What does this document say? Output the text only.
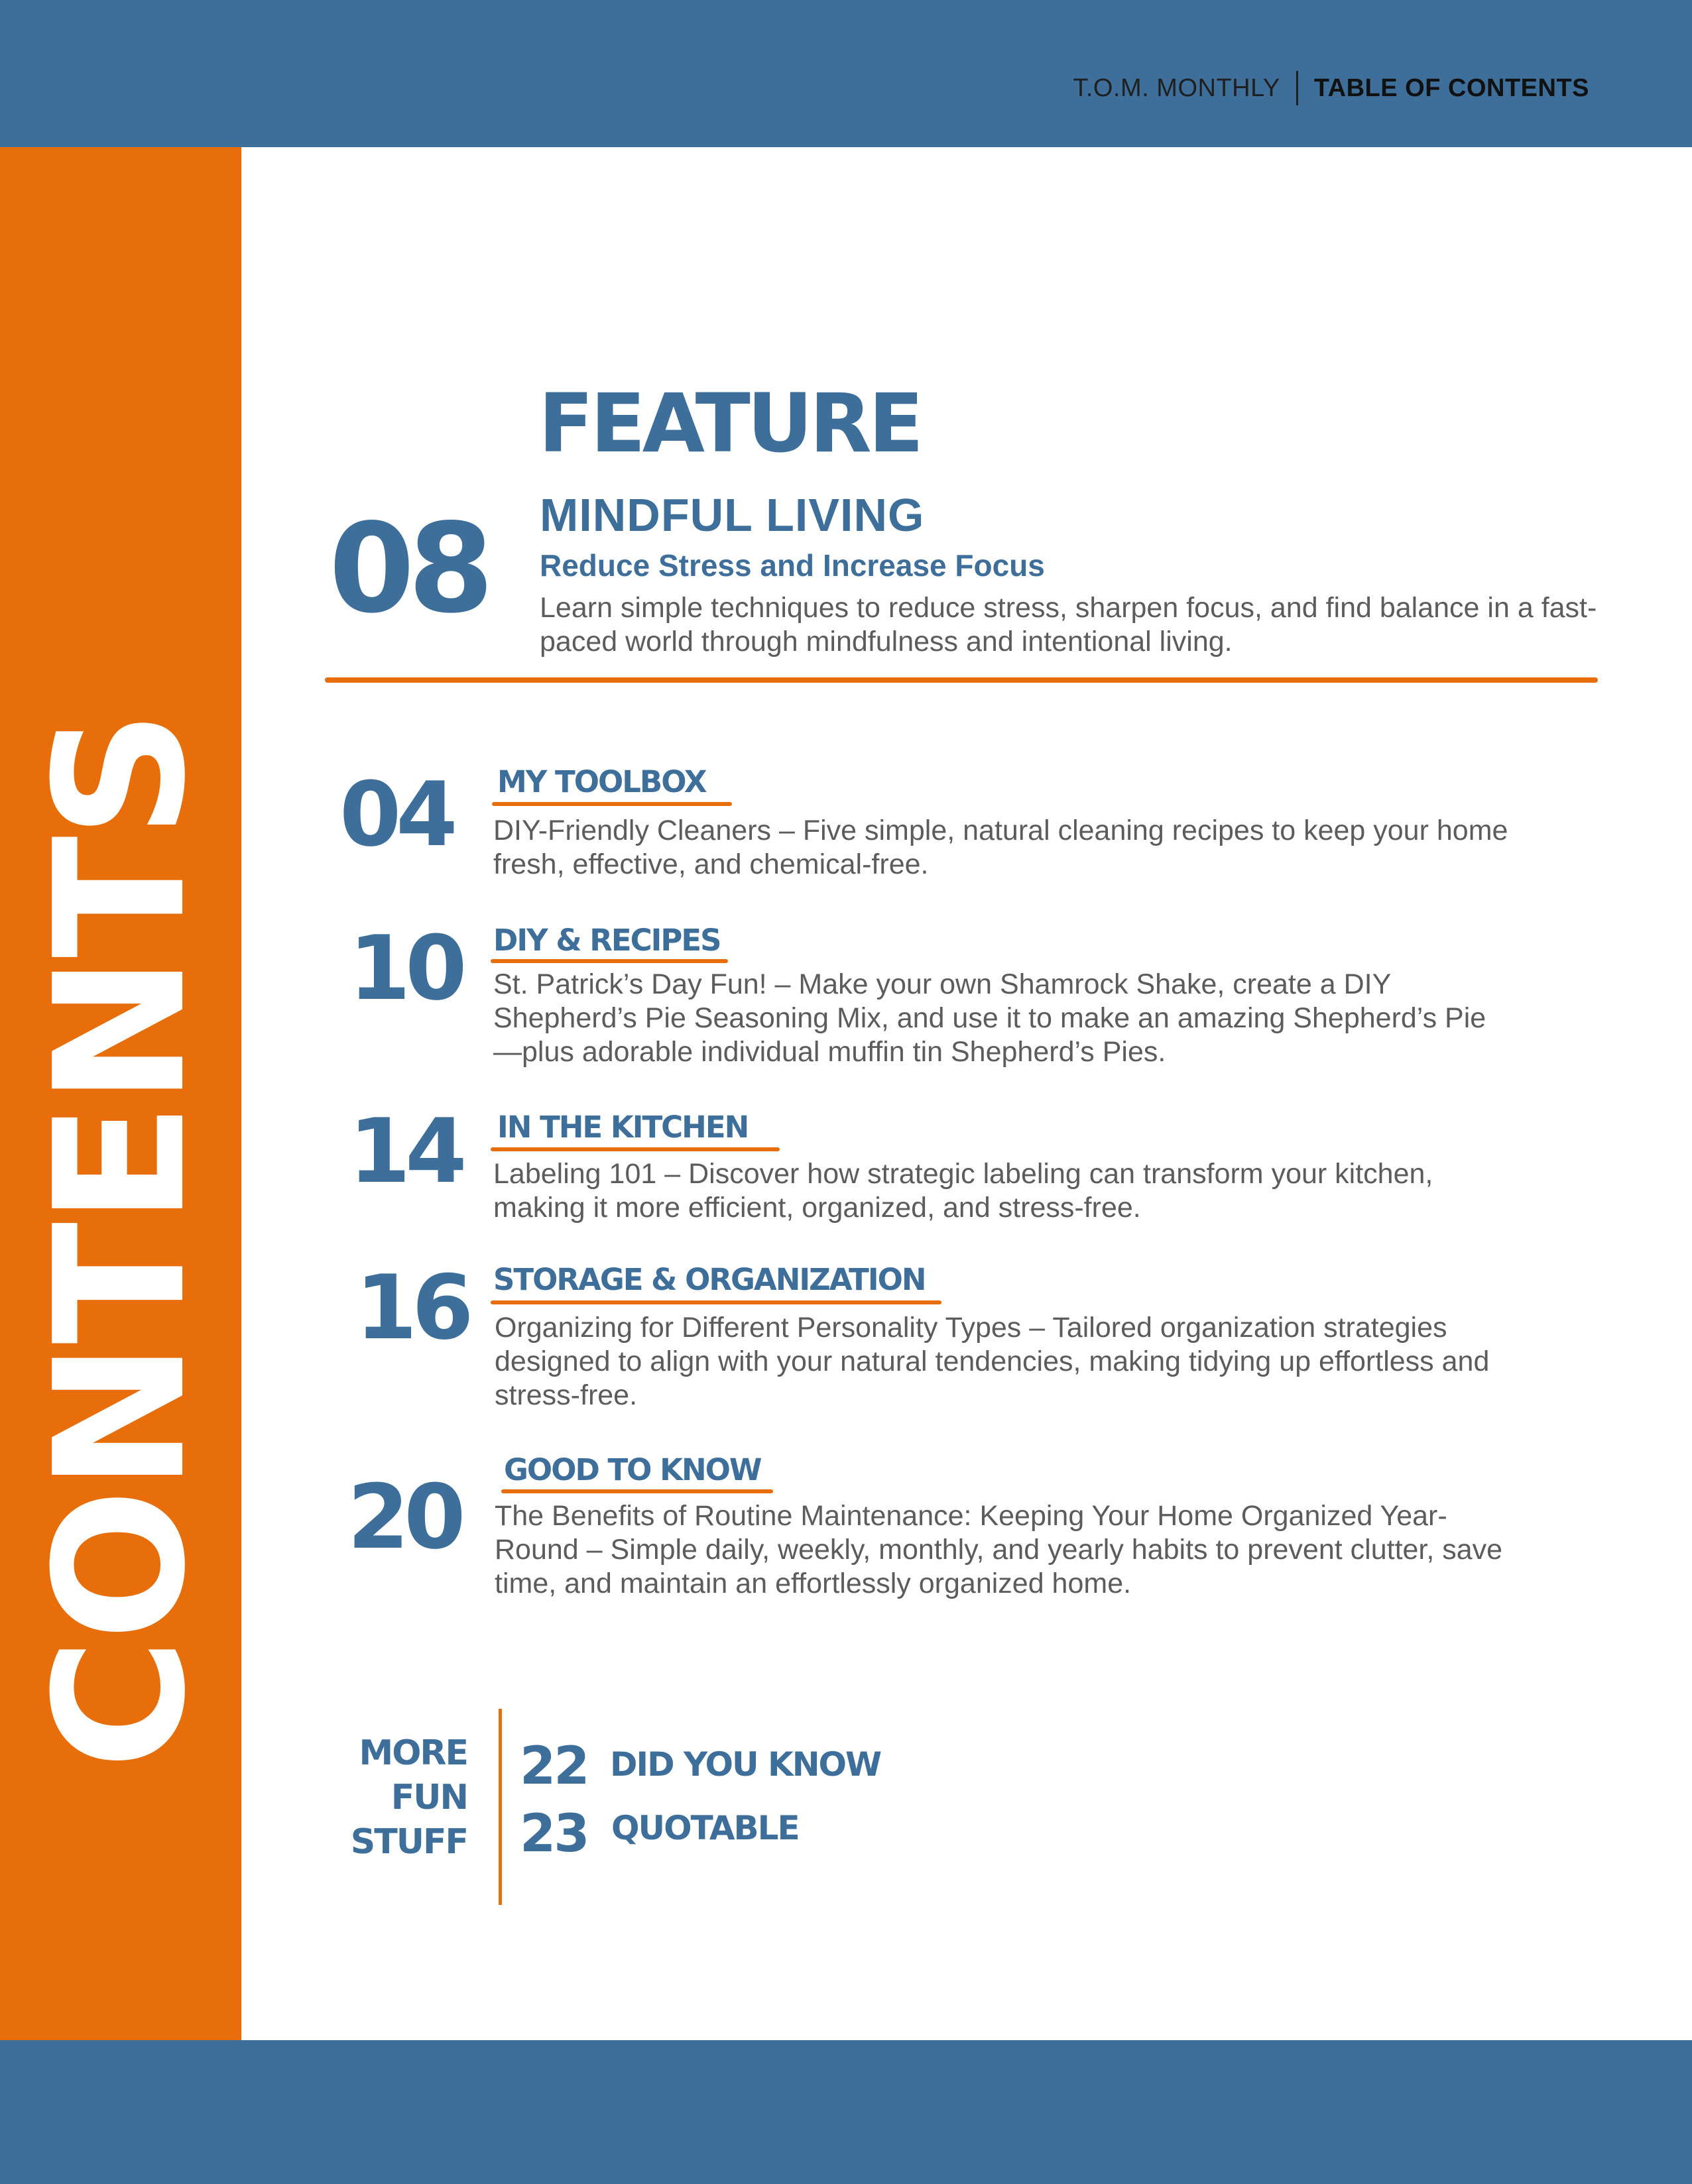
T.O.M. MONTHLY TABLE OF CONTENTS
CONTENTS
FEATURE
08 MINDFUL LIVING
Reduce Stress and Increase Focus
Learn simple techniques to reduce stress, sharpen focus, and find balance in a fast-paced world through mindfulness and intentional living.
04 MY TOOLBOX
DIY-Friendly Cleaners – Five simple, natural cleaning recipes to keep your home fresh, effective, and chemical-free.
10 DIY & RECIPES
St. Patrick’s Day Fun! – Make your own Shamrock Shake, create a DIY Shepherd’s Pie Seasoning Mix, and use it to make an amazing Shepherd’s Pie—plus adorable individual muffin tin Shepherd’s Pies.
14 IN THE KITCHEN
Labeling 101 – Discover how strategic labeling can transform your kitchen, making it more efficient, organized, and stress-free.
16 STORAGE & ORGANIZATION
Organizing for Different Personality Types – Tailored organization strategies designed to align with your natural tendencies, making tidying up effortless and stress-free.
20 GOOD TO KNOW
The Benefits of Routine Maintenance: Keeping Your Home Organized Year-Round – Simple daily, weekly, monthly, and yearly habits to prevent clutter, save time, and maintain an effortlessly organized home.
MORE
FUN
STUFF
22 DID YOU KNOW
23 QUOTABLE
